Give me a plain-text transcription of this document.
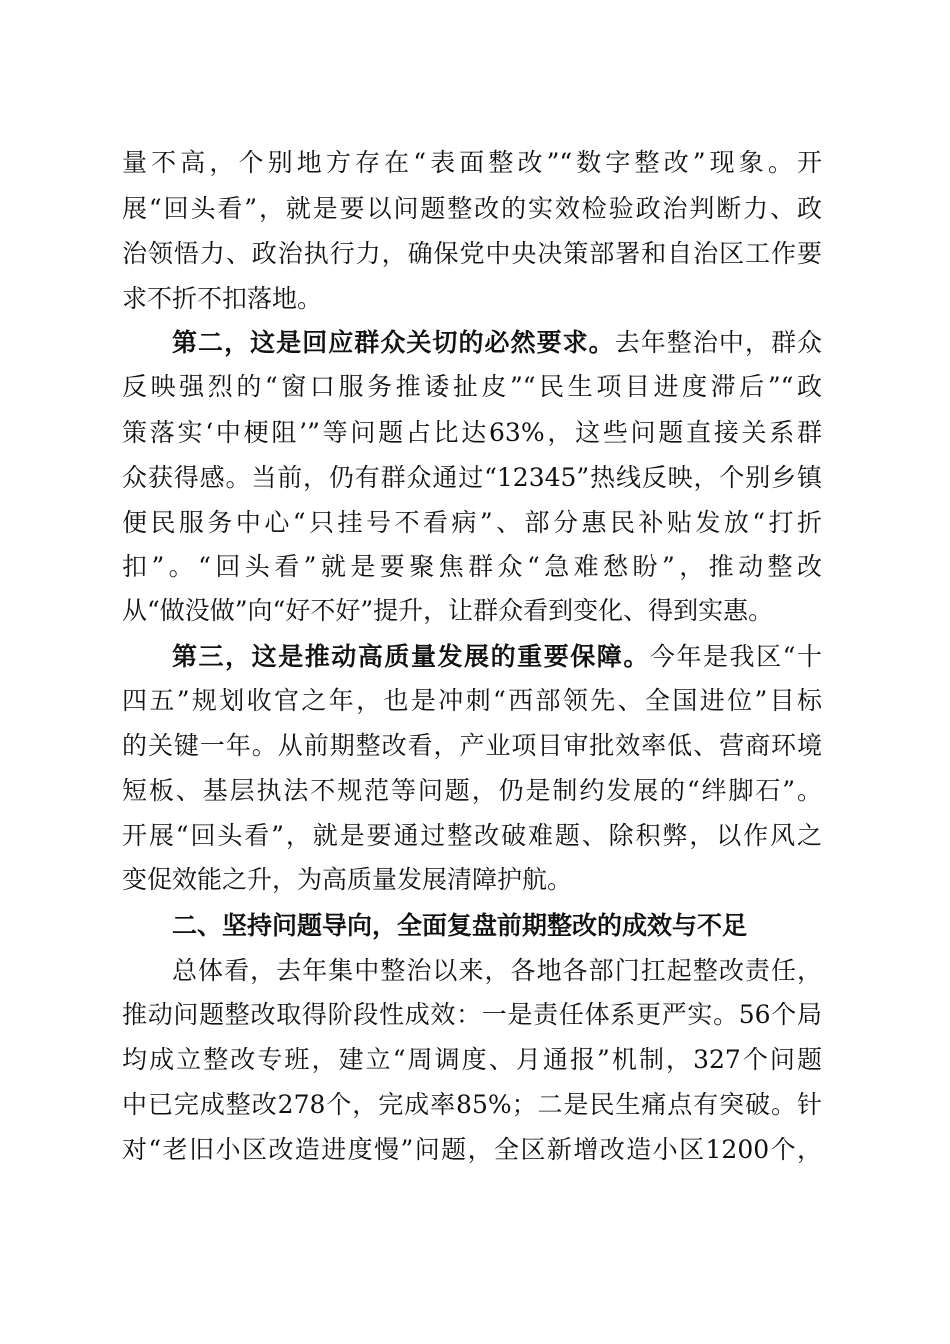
量不高，个别地方存在“表面整改”“数字整改”现象。开
展“回头看”，就是要以问题整改的实效检验政治判断力、政
治领悟力、政治执行力，确保党中央决策部署和自治区工作要
求不折不扣落地。
第二，这是回应群众关切的必然要求。去年整治中，群众
反映强烈的“窗口服务推诿扯皮”“民生项目进度滞后”“政
策落实‘中梗阻’”等问题占比达63%，这些问题直接关系群
众获得感。当前，仍有群众通过“12345”热线反映，个别乡镇
便民服务中心“只挂号不看病”、部分惠民补贴发放“打折
扣”。“回头看”就是要聚焦群众“急难愁盼”，推动整改
从“做没做”向“好不好”提升，让群众看到变化、得到实惠。
第三，这是推动高质量发展的重要保障。今年是我区“十
四五”规划收官之年，也是冲刺“西部领先、全国进位”目标
的关键一年。从前期整改看，产业项目审批效率低、营商环境
短板、基层执法不规范等问题，仍是制约发展的“绊脚石”。
开展“回头看”，就是要通过整改破难题、除积弊，以作风之
变促效能之升，为高质量发展清障护航。
二、坚持问题导向，全面复盘前期整改的成效与不足
总体看，去年集中整治以来，各地各部门扛起整改责任，
推动问题整改取得阶段性成效：一是责任体系更严实。56个局
均成立整改专班，建立“周调度、月通报”机制，327个问题
中已完成整改278个，完成率85%；二是民生痛点有突破。针
对“老旧小区改造进度慢”问题，全区新增改造小区1200个，
